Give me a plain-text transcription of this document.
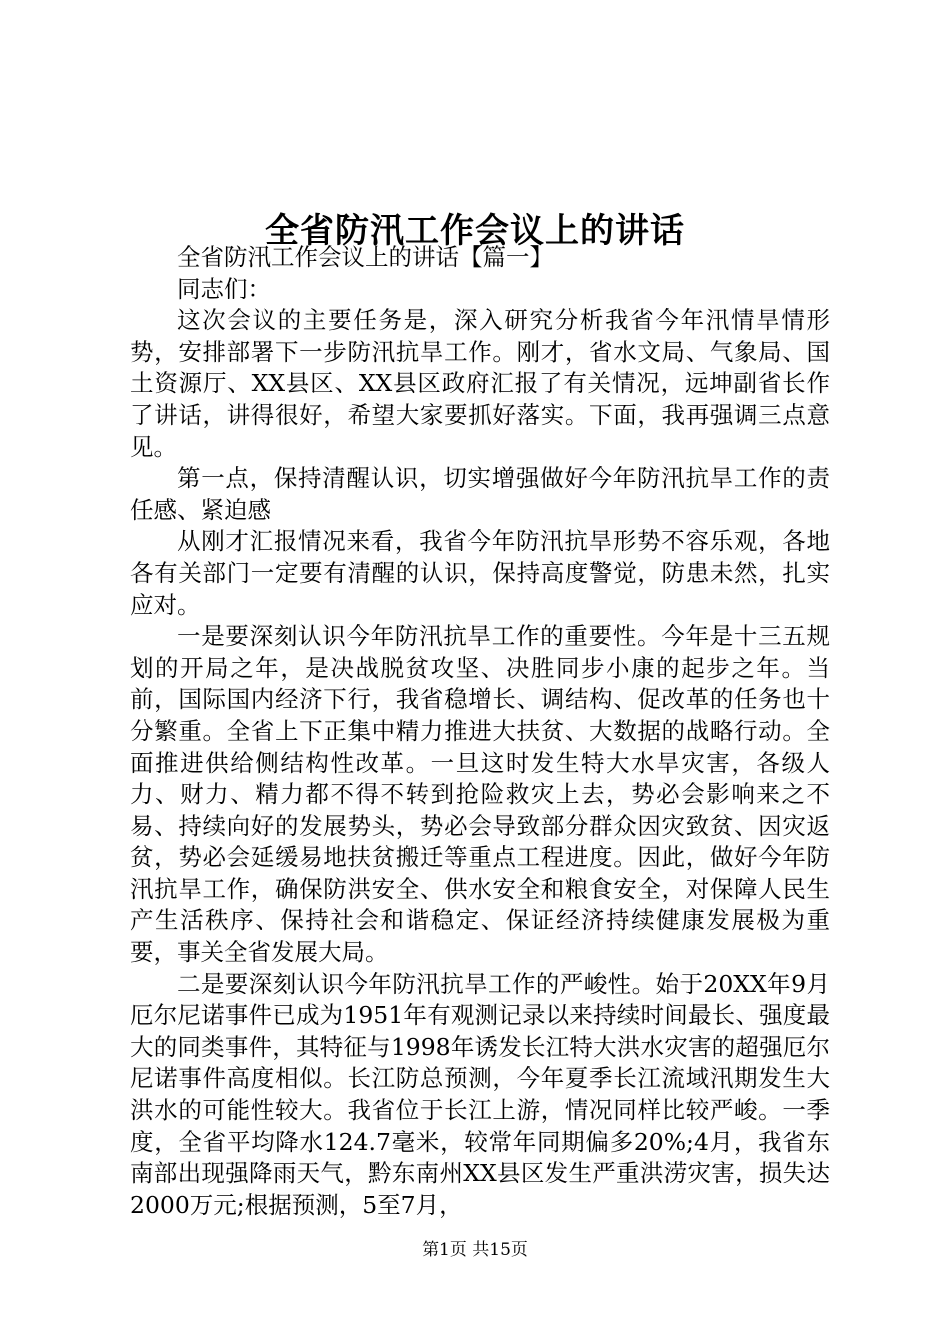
全省防汛工作会议上的讲话

全省防汛工作会议上的讲话【篇一】

同志们：

这次会议的主要任务是，深入研究分析我省今年汛情旱情形势，安排部署下一步防汛抗旱工作。刚才，省水文局、气象局、国土资源厅、XX县区、XX县区政府汇报了有关情况，远坤副省长作了讲话，讲得很好，希望大家要抓好落实。下面，我再强调三点意见。

第一点，保持清醒认识，切实增强做好今年防汛抗旱工作的责任感、紧迫感

从刚才汇报情况来看，我省今年防汛抗旱形势不容乐观，各地各有关部门一定要有清醒的认识，保持高度警觉，防患未然，扎实应对。

一是要深刻认识今年防汛抗旱工作的重要性。今年是十三五规划的开局之年，是决战脱贫攻坚、决胜同步小康的起步之年。当前，国际国内经济下行，我省稳增长、调结构、促改革的任务也十分繁重。全省上下正集中精力推进大扶贫、大数据的战略行动。全面推进供给侧结构性改革。一旦这时发生特大水旱灾害，各级人力、财力、精力都不得不转到抢险救灾上去，势必会影响来之不易、持续向好的发展势头，势必会导致部分群众因灾致贫、因灾返贫，势必会延缓易地扶贫搬迁等重点工程进度。因此，做好今年防汛抗旱工作，确保防洪安全、供水安全和粮食安全，对保障人民生产生活秩序、保持社会和谐稳定、保证经济持续健康发展极为重要，事关全省发展大局。

二是要深刻认识今年防汛抗旱工作的严峻性。始于20XX年9月厄尔尼诺事件已成为1951年有观测记录以来持续时间最长、强度最大的同类事件，其特征与1998年诱发长江特大洪水灾害的超强厄尔尼诺事件高度相似。长江防总预测，今年夏季长江流域汛期发生大洪水的可能性较大。我省位于长江上游，情况同样比较严峻。一季度，全省平均降水124.7毫米，较常年同期偏多20%;4月，我省东南部出现强降雨天气，黔东南州XX县区发生严重洪涝灾害，损失达2000万元;根据预测，5至7月，

第1页 共15页
